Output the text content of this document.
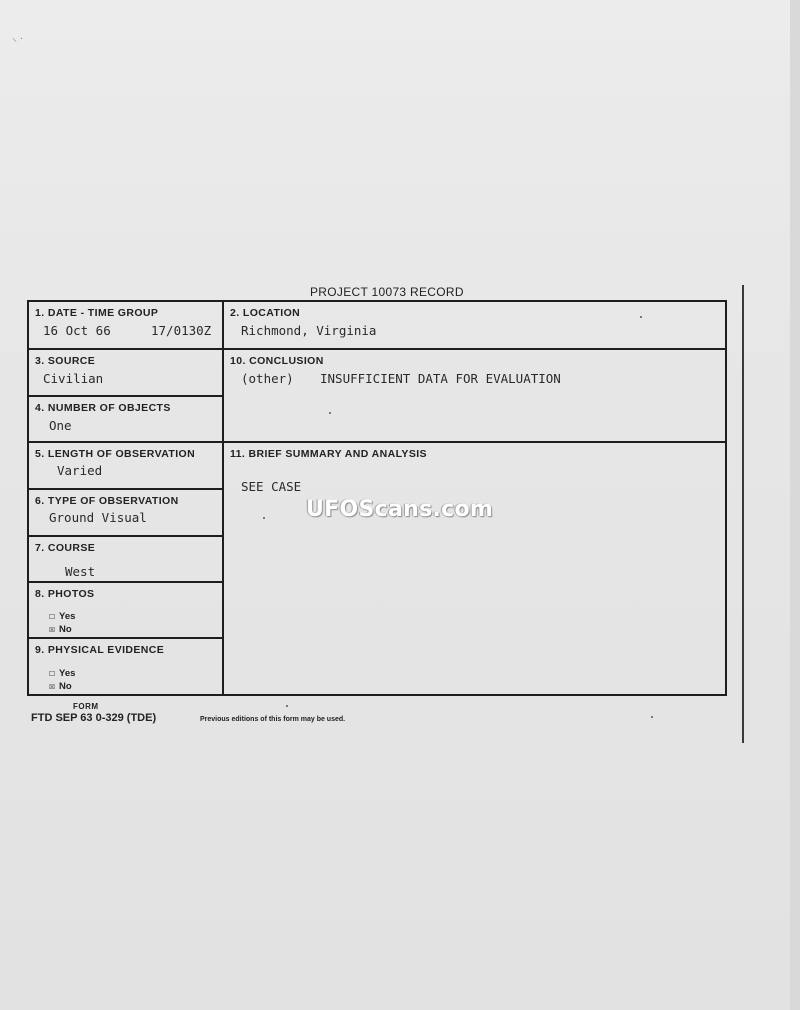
⸜ ·
PROJECT 10073 RECORD
1. DATE - TIME GROUP
16 Oct 66	17/0130Z
3. SOURCE
Civilian
4. NUMBER OF OBJECTS
One
5. LENGTH OF OBSERVATION
Varied
6. TYPE OF OBSERVATION
Ground Visual
7. COURSE
West
8. PHOTOS
☐ Yes
☒ No
9. PHYSICAL EVIDENCE
☐ Yes
☒ No
2. LOCATION
Richmond, Virginia
10. CONCLUSION
(other) INSUFFICIENT DATA FOR EVALUATION
11. BRIEF SUMMARY AND ANALYSIS
SEE CASE
FORM
FTD SEP 63 0-329 (TDE)	Previous editions of this form may be used.
UFOScans.com
